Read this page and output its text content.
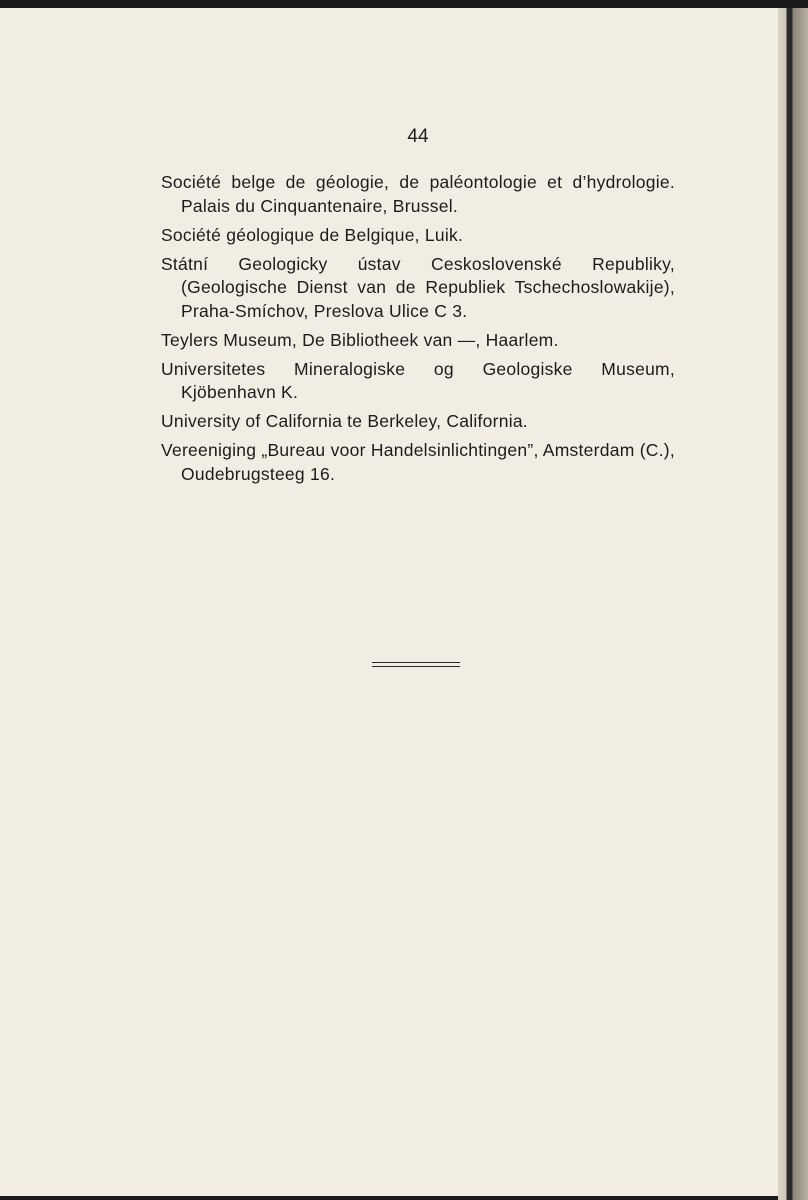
44
Société belge de géologie, de paléontologie et d’hydrologie. Palais du Cinquantenaire, Brussel.
Société géologique de Belgique, Luik.
Státní Geologicky ústav Ceskoslovenské Republiky, (Geologische Dienst van de Republiek Tschechoslowakije), Praha-Smíchov, Preslova Ulice C 3.
Teylers Museum, De Bibliotheek van —, Haarlem.
Universitetes Mineralogiske og Geologiske Museum, Kjöbenhavn K.
University of California te Berkeley, California.
Vereeniging „Bureau voor Handelsinlichtingen”, Amsterdam (C.), Oudebrugsteeg 16.
